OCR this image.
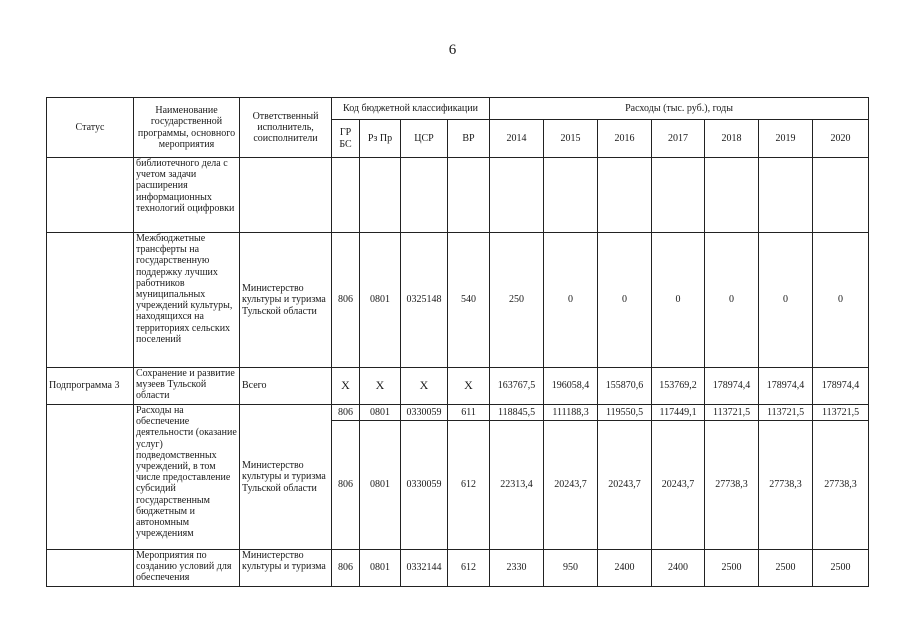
6
Статус	Наименование государственной программы, основного мероприятия	Ответственный исполнитель, соисполнители	Код бюджетной классификации				Расходы (тыс. руб.), годы						
			ГР БС	Рз Пр	ЦСР	ВР	2014	2015	2016	2017	2018	2019	2020
	библиотечного дела с учетом задачи расширения информационных технологий оцифровки												
	Межбюджетные трансферты на государственную поддержку лучших работников муниципальных учреждений культуры, находящихся на территориях сельских поселений	Министерство культуры и туризма Тульской области	806	0801	0325148	540	250	0	0	0	0	0	0
Подпрограмма 3	Сохранение и развитие музеев Тульской области	Всего	X	X	X	X	163767,5	196058,4	155870,6	153769,2	178974,4	178974,4	178974,4
	Расходы на обеспечение деятельности (оказание услуг) подведомственных учреждений, в том числе предоставление субсидий государственным бюджетным и автономным учреждениям	Министерство культуры и туризма Тульской области	806	0801	0330059	611	118845,5	111188,3	119550,5	117449,1	113721,5	113721,5	113721,5
			806	0801	0330059	612	22313,4	20243,7	20243,7	20243,7	27738,3	27738,3	27738,3
	Мероприятия по созданию условий для обеспечения	Министерство культуры и туризма	806	0801	0332144	612	2330	950	2400	2400	2500	2500	2500
